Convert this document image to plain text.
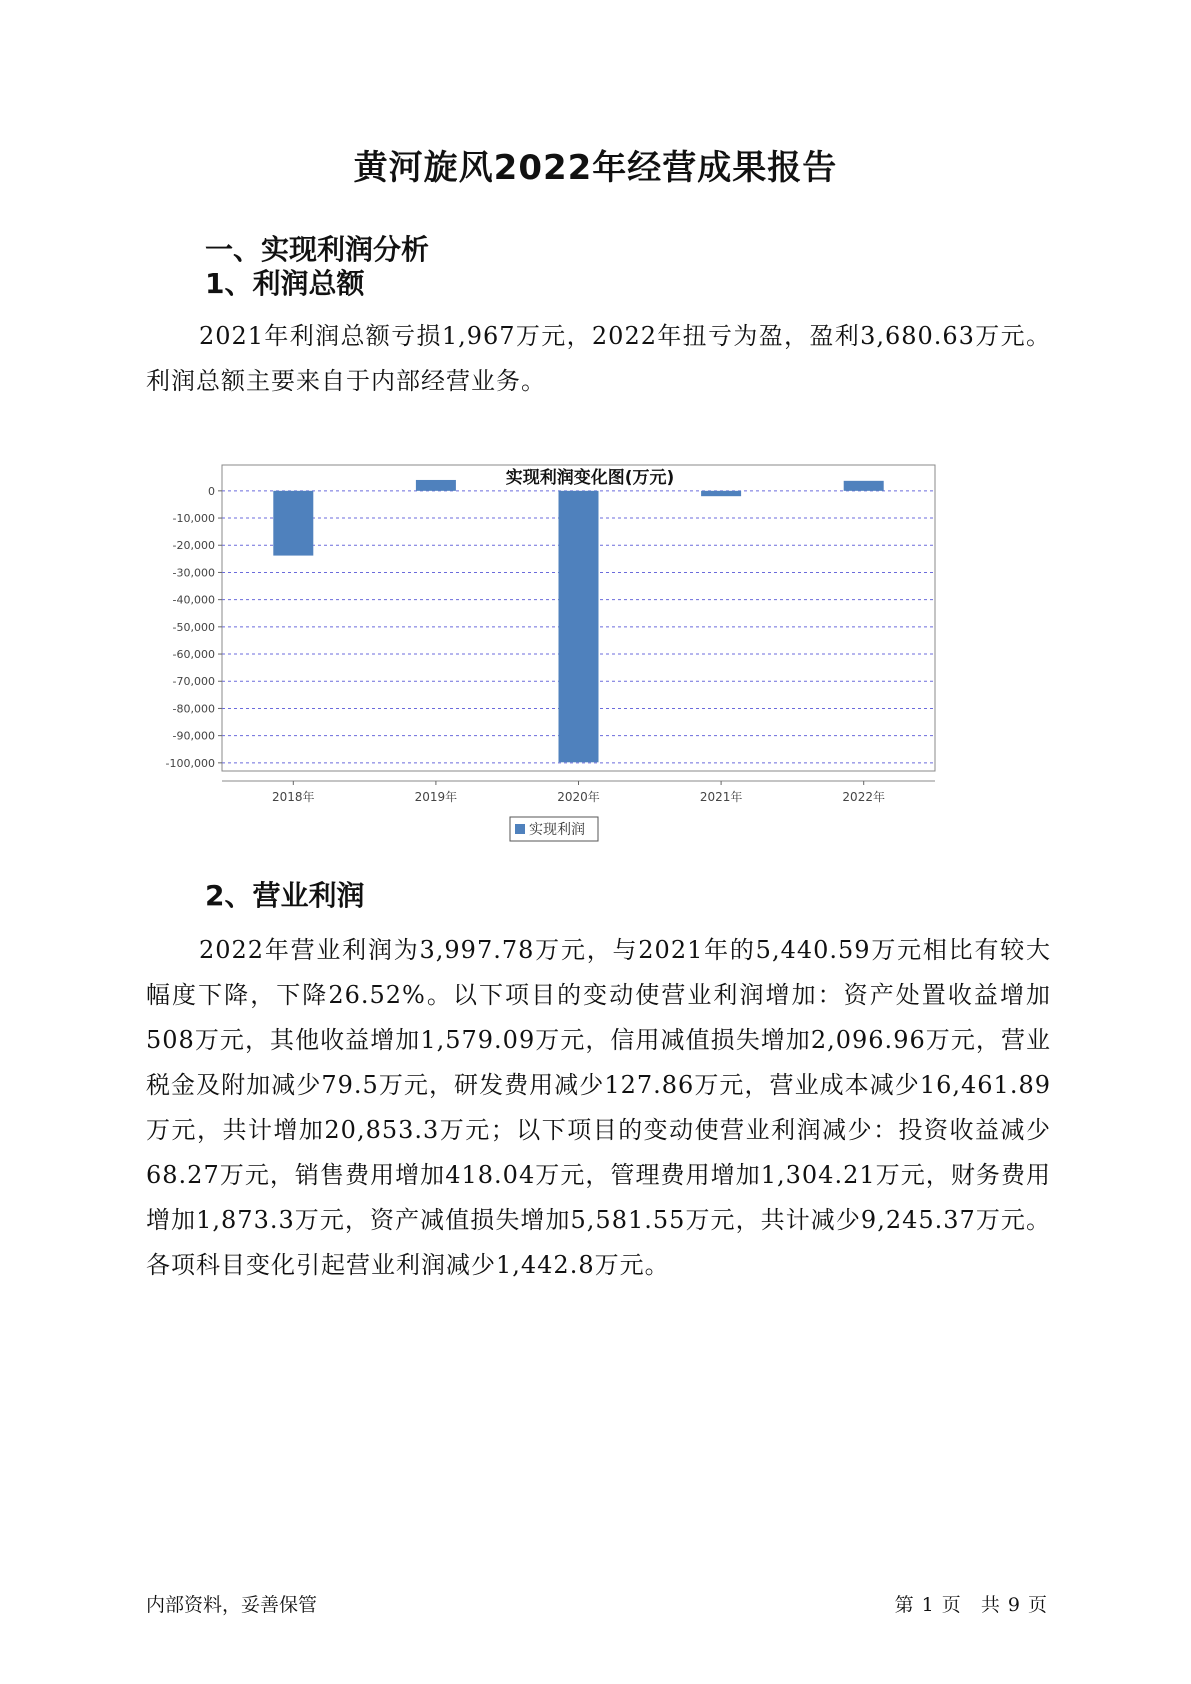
黄河旋风2022年经营成果报告
一、实现利润分析
1、利润总额
2021年利润总额亏损1,967万元，2022年扭亏为盈，盈利3,680.63万元。利润总额主要来自于内部经营业务。
实现利润变化图(万元)
0
-10,000
-20,000
-30,000
-40,000
-50,000
-60,000
-70,000
-80,000
-90,000
-100,000
2018年	2019年	2020年	2021年	2022年
实现利润
2、营业利润
2022年营业利润为3,997.78万元，与2021年的5,440.59万元相比有较大幅度下降，下降26.52%。以下项目的变动使营业利润增加：资产处置收益增加508万元，其他收益增加1,579.09万元，信用减值损失增加2,096.96万元，营业税金及附加减少79.5万元，研发费用减少127.86万元，营业成本减少16,461.89万元，共计增加20,853.3万元；以下项目的变动使营业利润减少：投资收益减少68.27万元，销售费用增加418.04万元，管理费用增加1,304.21万元，财务费用增加1,873.3万元，资产减值损失增加5,581.55万元，共计减少9,245.37万元。各项科目变化引起营业利润减少1,442.8万元。
内部资料，妥善保管	第 1 页 共 9 页
